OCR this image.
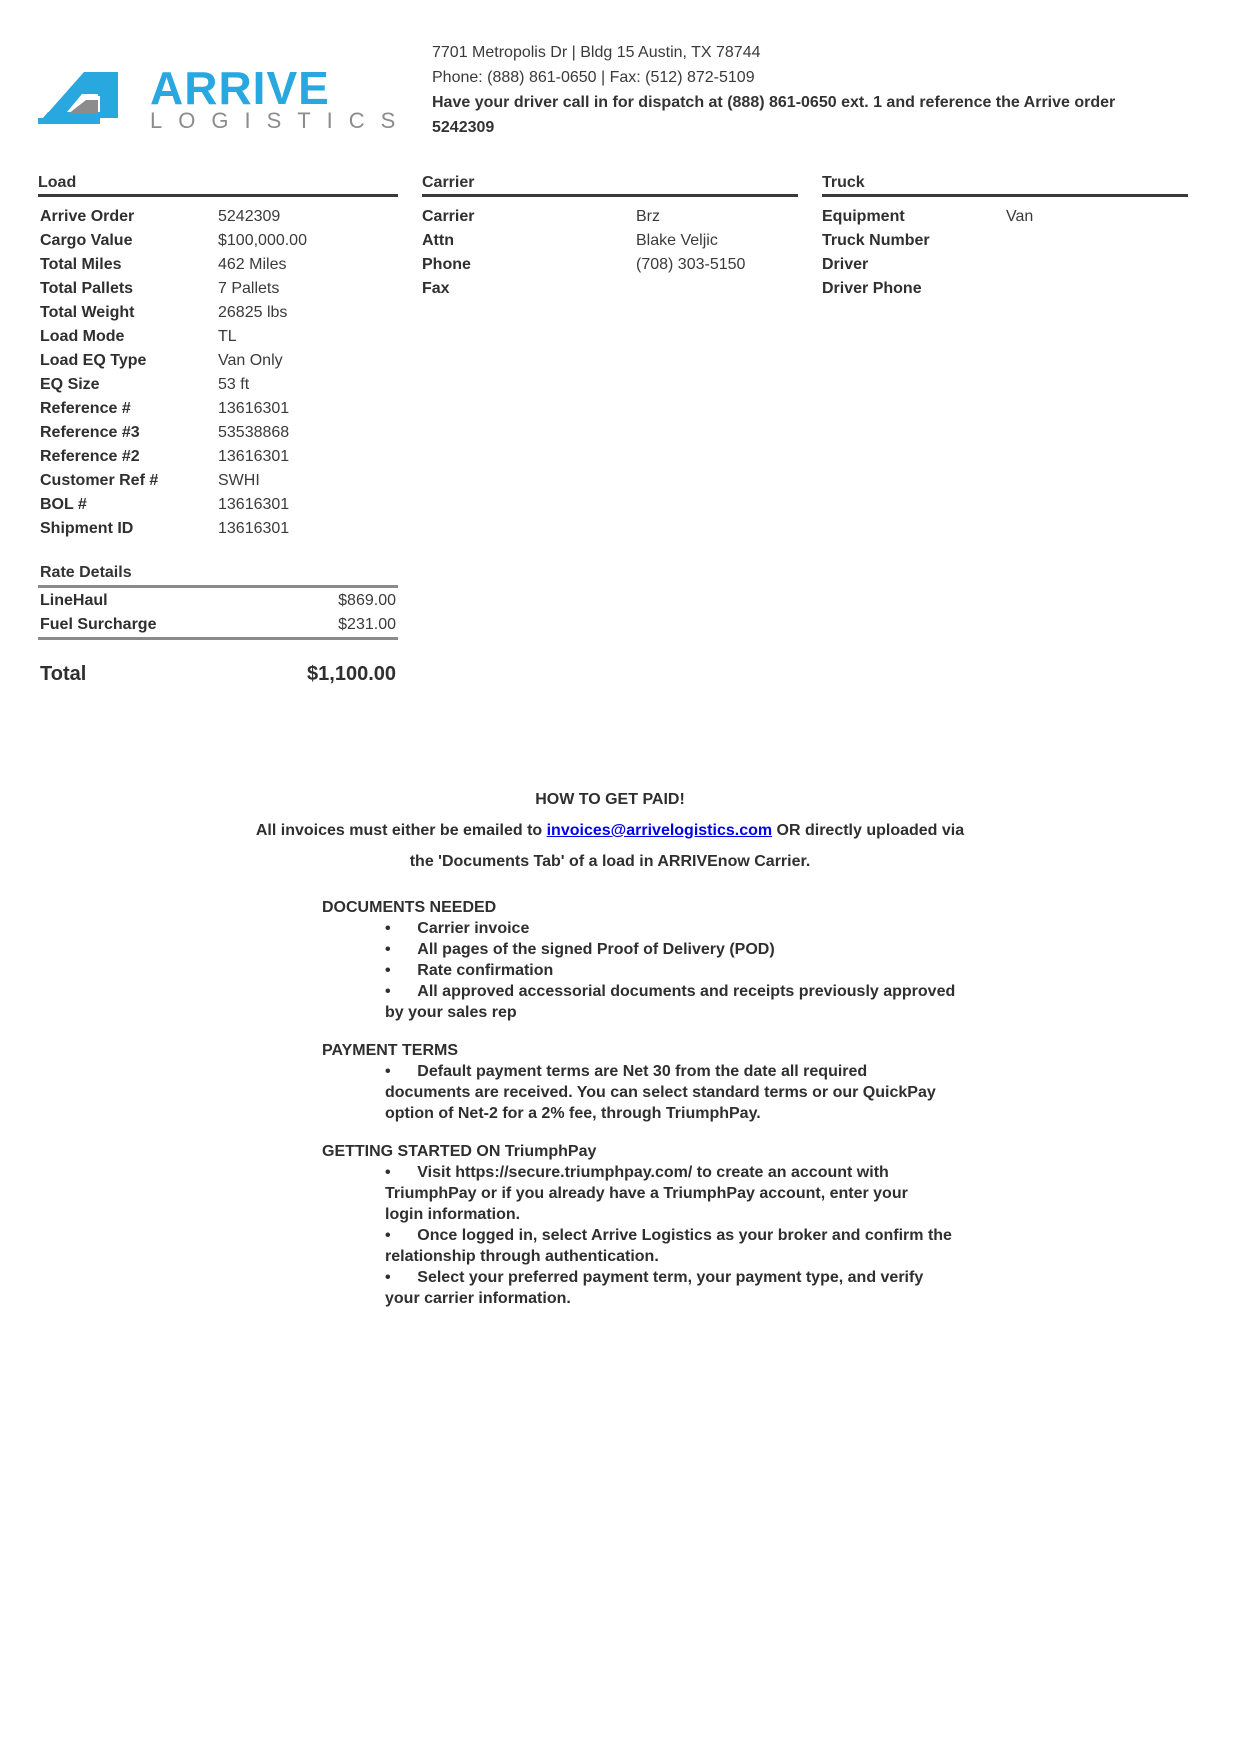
ARRIVE
LOGISTICS
7701 Metropolis Dr | Bldg 15 Austin, TX 78744
Phone: (888) 861-0650 | Fax: (512) 872-5109
Have your driver call in for dispatch at (888) 861-0650 ext. 1 and reference the Arrive order
5242309
Load
Arrive Order	5242309
Cargo Value	$100,000.00
Total Miles	462 Miles
Total Pallets	7 Pallets
Total Weight	26825 lbs
Load Mode	TL
Load EQ Type	Van Only
EQ Size	53 ft
Reference #	13616301
Reference #3	53538868
Reference #2	13616301
Customer Ref #	SWHI
BOL #	13616301
Shipment ID	13616301
Carrier
Carrier	Brz
Attn	Blake Veljic
Phone	(708) 303-5150
Fax
Truck
Equipment	Van
Truck Number
Driver
Driver Phone
Rate Details
LineHaul	$869.00
Fuel Surcharge	$231.00
Total	$1,100.00
HOW TO GET PAID!
All invoices must either be emailed to invoices@arrivelogistics.com OR directly uploaded via
the 'Documents Tab' of a load in ARRIVEnow Carrier.
DOCUMENTS NEEDED
• Carrier invoice
• All pages of the signed Proof of Delivery (POD)
• Rate confirmation
• All approved accessorial documents and receipts previously approved
by your sales rep
PAYMENT TERMS
• Default payment terms are Net 30 from the date all required
documents are received. You can select standard terms or our QuickPay
option of Net-2 for a 2% fee, through TriumphPay.
GETTING STARTED ON TriumphPay
• Visit https://secure.triumphpay.com/ to create an account with
TriumphPay or if you already have a TriumphPay account, enter your
login information.
• Once logged in, select Arrive Logistics as your broker and confirm the
relationship through authentication.
• Select your preferred payment term, your payment type, and verify
your carrier information.
